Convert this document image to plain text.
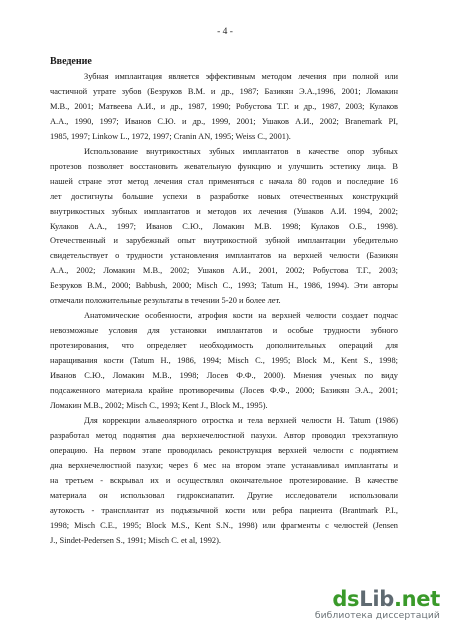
- 4 -
Введение
Зубная имплантация является эффективным методом лечения при полной или
частичной утрате зубов (Безруков В.М. и др., 1987; Базикян Э.А.,1996, 2001; Ломакин
М.В., 2001; Матвеева А.И., и др., 1987, 1990; Робустова Т.Г. и др., 1987, 2003; Кулаков
А.А., 1990, 1997; Иванов С.Ю. и др., 1999, 2001; Ушаков А.И., 2002; Branemark PI,
1985, 1997; Linkow L., 1972, 1997; Cranin AN, 1995; Weiss C., 2001).
Использование внутрикостных зубных имплантатов в качестве опор зубных
протезов позволяет восстановить жевательную функцию и улучшить эстетику лица. В
нашей стране этот метод лечения стал применяться с начала 80 годов и последние 16
лет достигнуты большие успехи в разработке новых отечественных конструкций
внутрикостных зубных имплантатов и методов их лечения (Ушаков А.И. 1994, 2002;
Кулаков А.А., 1997; Иванов С.Ю., Ломакин М.В. 1998; Кулаков О.Б., 1998).
Отечественный и зарубежный опыт внутрикостной зубной имплантации убедительно
свидетельствует о трудности установления имплантатов на верхней челюсти (Базикян
А.А., 2002; Ломакин М.В., 2002; Ушаков А.И., 2001, 2002; Робустова Т.Г., 2003;
Безруков В.М., 2000; Babbush, 2000; Misch C., 1993; Tatum H., 1986, 1994). Эти авторы
отмечали положительные результаты в течении 5-20 и более лет.
Анатомические особенности, атрофия кости на верхней челюсти создает подчас
невозможные условия для установки имплантатов и особые трудности зубного
протезирования, что определяет необходимость дополнительных операций для
наращивания кости (Tatum H., 1986, 1994; Misch C., 1995; Block M., Kent S., 1998;
Иванов С.Ю., Ломакин М.В., 1998; Лосев Ф.Ф., 2000). Мнения ученых по виду
подсаженного материала крайне противоречивы (Лосев Ф.Ф., 2000; Базикян Э.А., 2001;
Ломакин М.В., 2002; Misch C., 1993; Kent J., Block M., 1995).
Для коррекции альвеолярного отростка и тела верхней челюсти H. Tatum (1986)
разработал метод поднятия дна верхнечелюстной пазухи. Автор проводил трехэтапную
операцию. На первом этапе проводилась реконструкция верхней челюсти с поднятием
дна верхнечелюстной пазухи; через 6 мес на втором этапе устанавливал имплантаты и
на третьем - вскрывал их и осуществлял окончательное протезирование. В качестве
материала он использовал гидроксиапатит. Другие исследователи использовали
аутокость - трансплантат из подъязычной кости или ребра пациента (Brantmark P.I.,
1998; Misch C.E., 1995; Block M.S., Kent S.N., 1998) или фрагменты с челюстей (Jensen
J., Sindet-Pedersen S., 1991; Misch C. et al, 1992).
dsLib.net
библиотека диссертаций
